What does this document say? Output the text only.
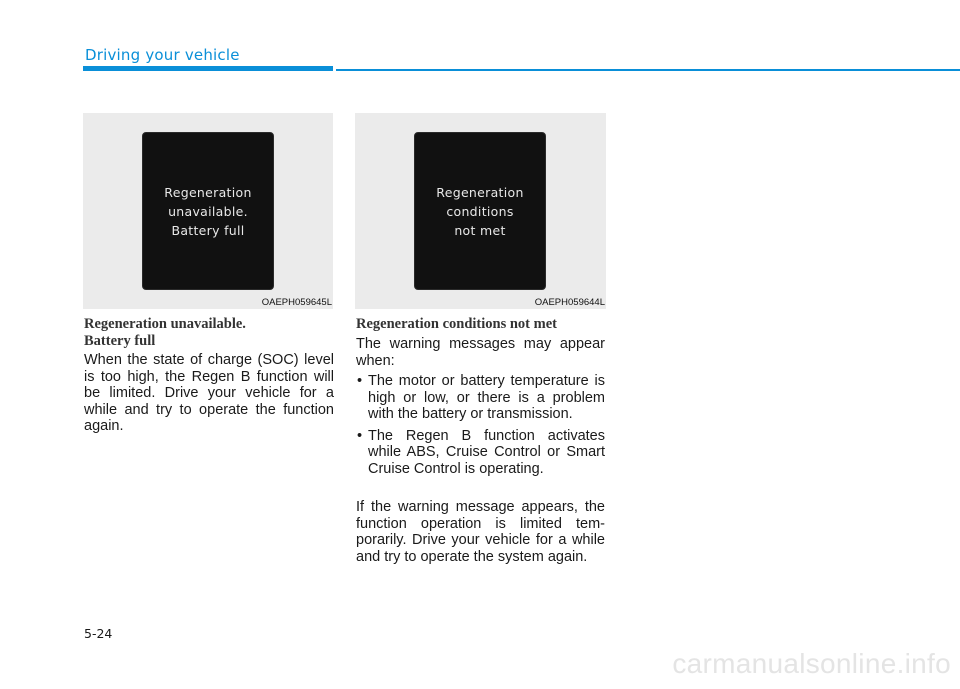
Driving your vehicle
Regeneration
unavailable.
Battery full
OAEPH059645L
Regeneration
conditions
not met
OAEPH059644L
Regeneration unavailable.
Battery full
When the state of charge (SOC) level is too high, the Regen B function will be limited. Drive your vehicle for a while and try to operate the function again.
Regeneration conditions not met
The warning messages may appear when:
• The motor or battery temperature is high or low, or there is a problem with the battery or transmission.
• The Regen B function activates while ABS, Cruise Control or Smart Cruise Control is operating.
If the warning message appears, the function operation is limited temporarily. Drive your vehicle for a while and try to operate the system again.
5-24
carmanualsonline.info
